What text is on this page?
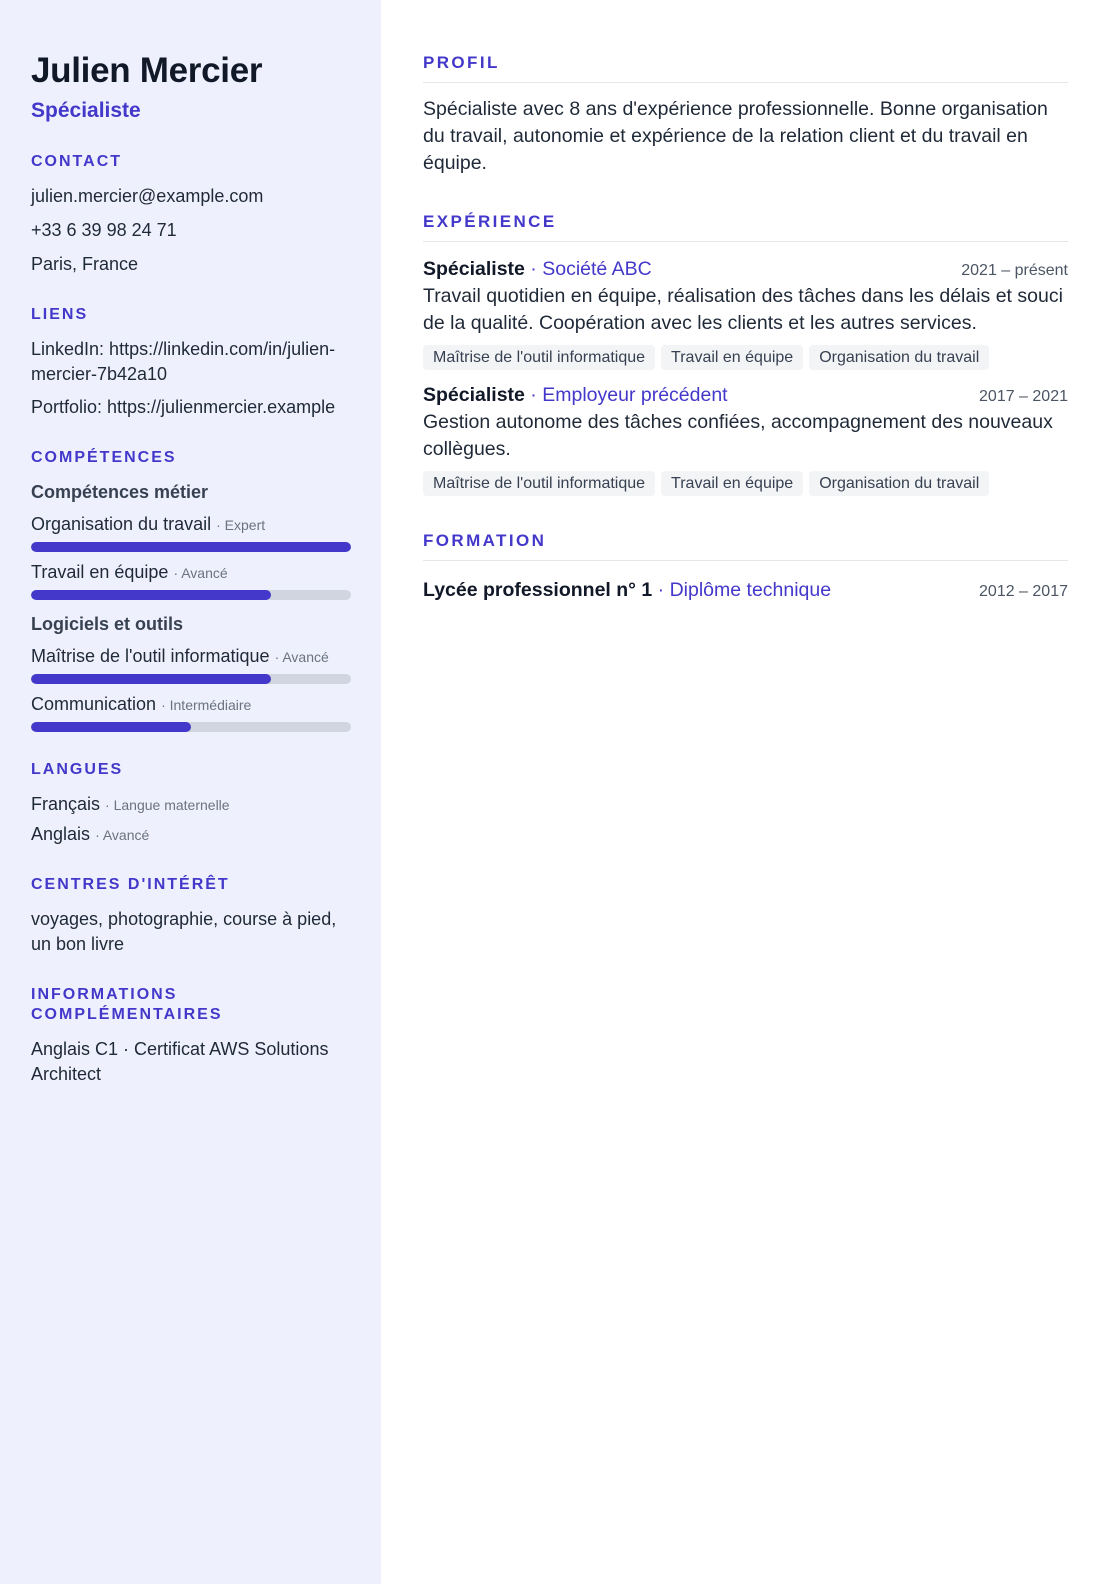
Julien Mercier
Spécialiste
CONTACT
julien.mercier@example.com
+33 6 39 98 24 71
Paris, France
LIENS
LinkedIn: https://linkedin.com/in/julien-mercier-7b42a10
Portfolio: https://julienmercier.example
COMPÉTENCES
Compétences métier
Organisation du travail · Expert
Travail en équipe · Avancé
Logiciels et outils
Maîtrise de l'outil informatique · Avancé
Communication · Intermédiaire
LANGUES
Français · Langue maternelle
Anglais · Avancé
CENTRES D'INTÉRÊT
voyages, photographie, course à pied, un bon livre
INFORMATIONS COMPLÉMENTAIRES
Anglais C1 · Certificat AWS Solutions Architect
PROFIL
Spécialiste avec 8 ans d'expérience professionnelle. Bonne organisation du travail, autonomie et expérience de la relation client et du travail en équipe.
EXPÉRIENCE
Spécialiste · Société ABC	2021 – présent
Travail quotidien en équipe, réalisation des tâches dans les délais et souci de la qualité. Coopération avec les clients et les autres services.
Maîtrise de l'outil informatique	Travail en équipe	Organisation du travail
Spécialiste · Employeur précédent	2017 – 2021
Gestion autonome des tâches confiées, accompagnement des nouveaux collègues.
Maîtrise de l'outil informatique	Travail en équipe	Organisation du travail
FORMATION
Lycée professionnel n° 1 · Diplôme technique	2012 – 2017
